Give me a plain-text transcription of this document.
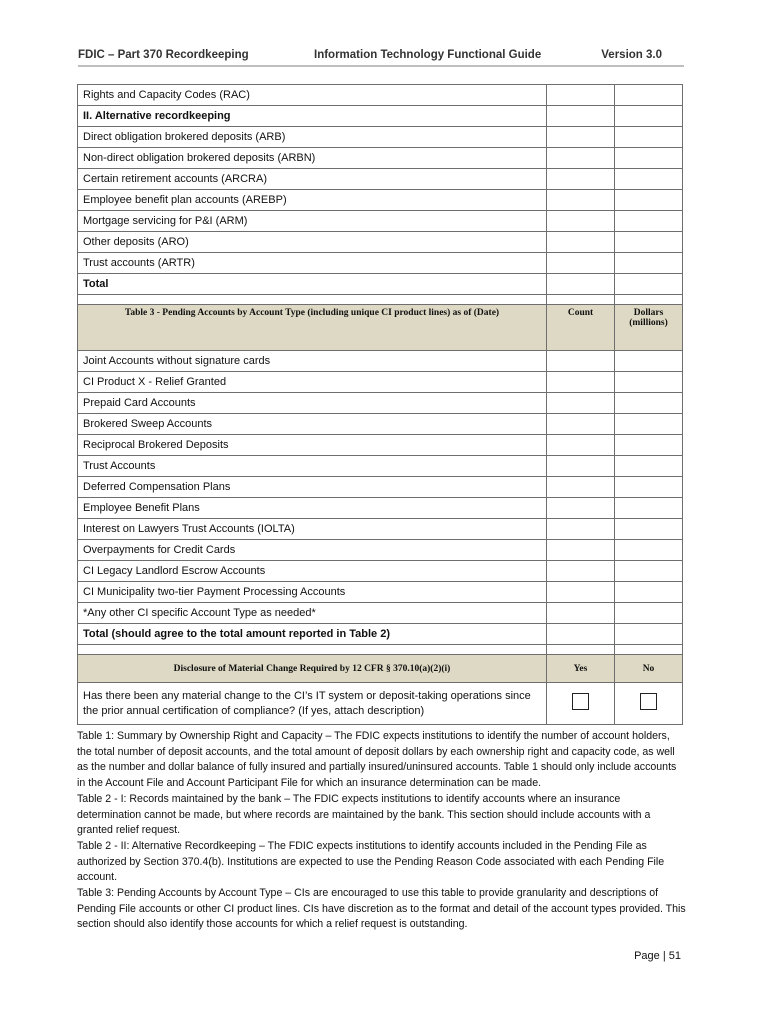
FDIC – Part 370 Recordkeeping	Information Technology Functional Guide	Version 3.0
Rights and Capacity Codes (RAC)		
II. Alternative recordkeeping		
Direct obligation brokered deposits (ARB)		
Non-direct obligation brokered deposits (ARBN)		
Certain retirement accounts (ARCRA)		
Employee benefit plan accounts (AREBP)		
Mortgage servicing for P&I (ARM)		
Other deposits (ARO)		
Trust accounts (ARTR)		
Total		

Table 3 - Pending Accounts by Account Type (including unique CI product lines) as of (Date)	Count	Dollars (millions)
Joint Accounts without signature cards		
CI Product X - Relief Granted		
Prepaid Card Accounts		
Brokered Sweep Accounts		
Reciprocal Brokered Deposits		
Trust Accounts		
Deferred Compensation Plans		
Employee Benefit Plans		
Interest on Lawyers Trust Accounts (IOLTA)		
Overpayments for Credit Cards		
CI Legacy Landlord Escrow Accounts		
CI Municipality two-tier Payment Processing Accounts		
*Any other CI specific Account Type as needed*		
Total (should agree to the total amount reported in Table 2)		

Disclosure of Material Change Required by 12 CFR § 370.10(a)(2)(i)	Yes	No
Has there been any material change to the CI’s IT system or deposit-taking operations since the prior annual certification of compliance? (If yes, attach description)		

Table 1: Summary by Ownership Right and Capacity – The FDIC expects institutions to identify the number of account holders, the total number of deposit accounts, and the total amount of deposit dollars by each ownership right and capacity code, as well as the number and dollar balance of fully insured and partially insured/uninsured accounts. Table 1 should only include accounts in the Account File and Account Participant File for which an insurance determination can be made.

Table 2 - I: Records maintained by the bank – The FDIC expects institutions to identify accounts where an insurance determination cannot be made, but where records are maintained by the bank. This section should include accounts with a granted relief request.

Table 2 - II: Alternative Recordkeeping – The FDIC expects institutions to identify accounts included in the Pending File as authorized by Section 370.4(b). Institutions are expected to use the Pending Reason Code associated with each Pending File account.

Table 3: Pending Accounts by Account Type – CIs are encouraged to use this table to provide granularity and descriptions of Pending File accounts or other CI product lines. CIs have discretion as to the format and detail of the account types provided. This section should also identify those accounts for which a relief request is outstanding.

Page | 51
